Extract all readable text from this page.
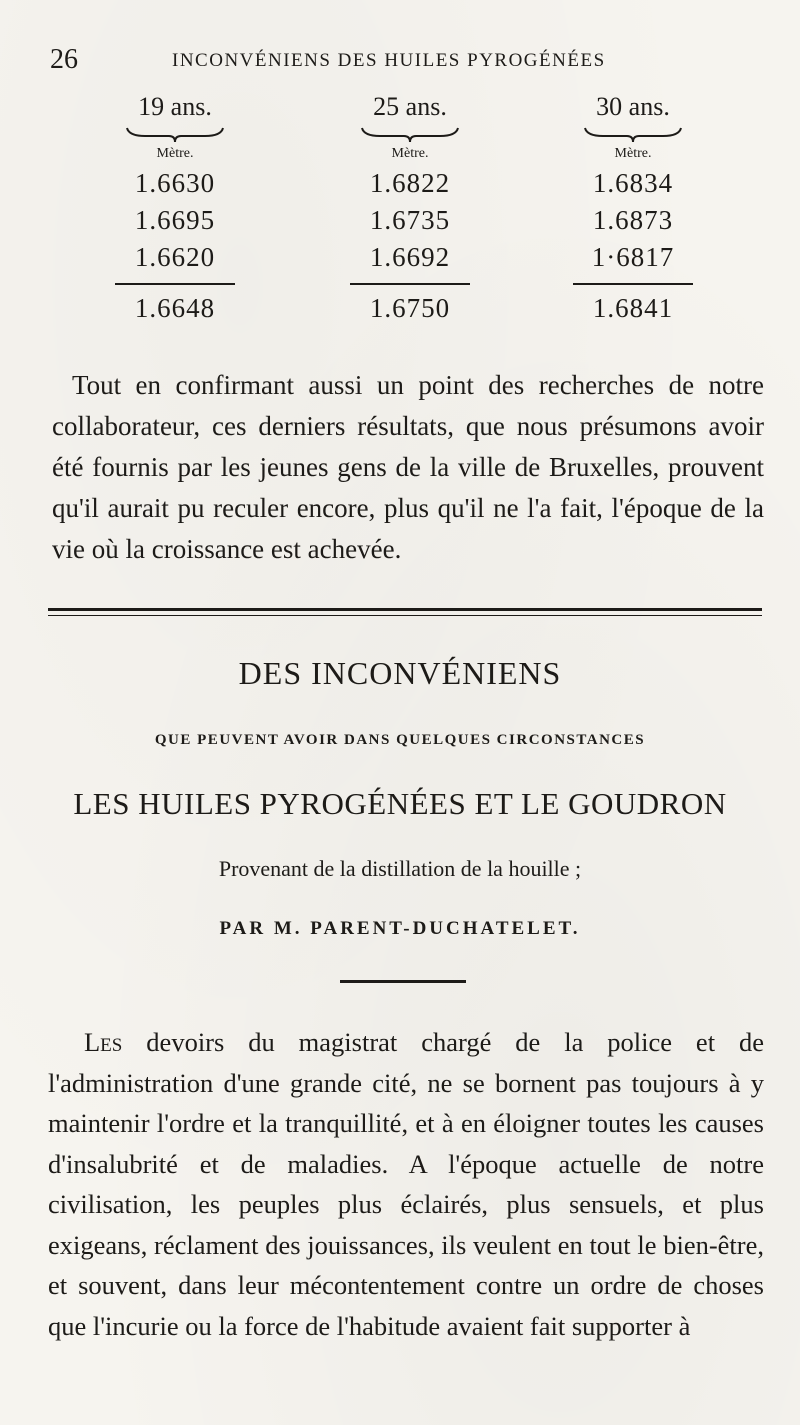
26	INCONVÉNIENS DES HUILES PYROGÉNÉES
19 ans.
Mètre.
1.6630
1.6695
1.6620
1.6648
25 ans.
Mètre.
1.6822
1.6735
1.6692
1.6750
30 ans.
Mètre.
1.6834
1.6873
1·6817
1.6841

Tout en confirmant aussi un point des recherches de notre collaborateur, ces derniers résultats, que nous présumons avoir été fournis par les jeunes gens de la ville de Bruxelles, prouvent qu'il aurait pu reculer encore, plus qu'il ne l'a fait, l'époque de la vie où la croissance est achevée.

DES INCONVÉNIENS
QUE PEUVENT AVOIR DANS QUELQUES CIRCONSTANCES
LES HUILES PYROGÉNÉES ET LE GOUDRON
Provenant de la distillation de la houille ;
PAR M. PARENT-DUCHATELET.

Les devoirs du magistrat chargé de la police et de l'administration d'une grande cité, ne se bornent pas toujours à y maintenir l'ordre et la tranquillité, et à en éloigner toutes les causes d'insalubrité et de maladies. A l'époque actuelle de notre civilisation, les peuples plus éclairés, plus sensuels, et plus exigeans, réclament des jouissances, ils veulent en tout le bien-être, et souvent, dans leur mécontentement contre un ordre de choses que l'incurie ou la force de l'habitude avaient fait supporter à
